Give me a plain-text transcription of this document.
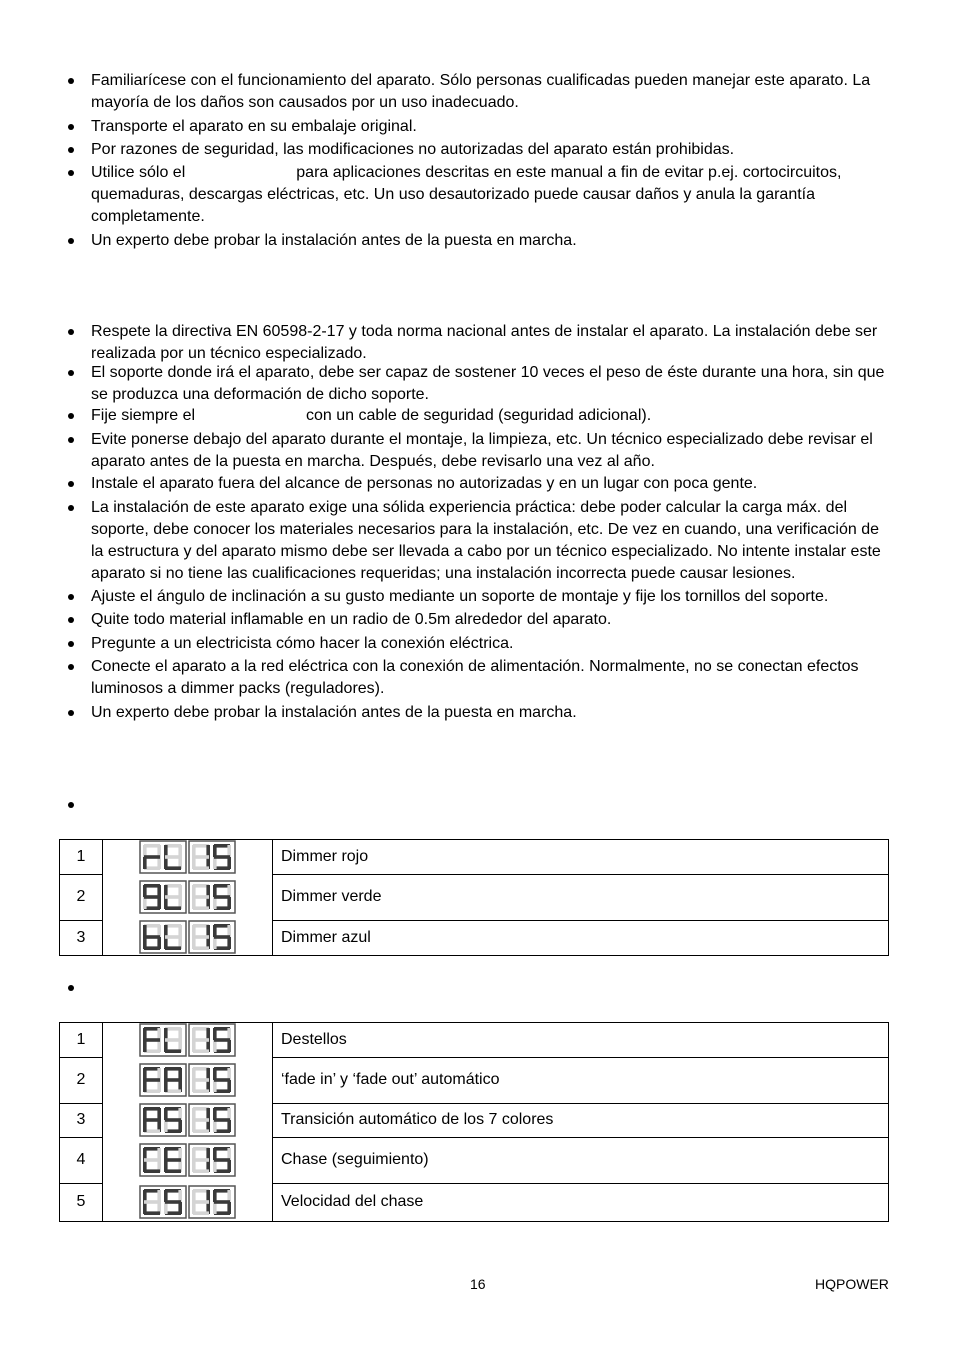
Familiarícese con el funcionamiento del aparato. Sólo personas cualificadas pueden manejar este aparato. La mayoría de los daños son causados por un uso inadecuado.
Transporte el aparato en su embalaje original.
Por razones de seguridad, las modificaciones no autorizadas del aparato están prohibidas.
Utilice sólo el	para aplicaciones descritas en este manual a fin de evitar p.ej. cortocircuitos, quemaduras, descargas eléctricas, etc. Un uso desautorizado puede causar daños y anula la garantía completamente.
Un experto debe probar la instalación antes de la puesta en marcha.
Respete la directiva EN 60598-2-17 y toda norma nacional antes de instalar el aparato. La instalación debe ser realizada por un técnico especializado.
El soporte donde irá el aparato, debe ser capaz de sostener 10 veces el peso de éste durante una hora, sin que se produzca una deformación de dicho soporte.
Fije siempre el	con un cable de seguridad (seguridad adicional).
Evite ponerse debajo del aparato durante el montaje, la limpieza, etc. Un técnico especializado debe revisar el aparato antes de la puesta en marcha. Después, debe revisarlo una vez al año.
Instale el aparato fuera del alcance de personas no autorizadas y en un lugar con poca gente.
La instalación de este aparato exige una sólida experiencia práctica: debe poder calcular la carga máx. del soporte, debe conocer los materiales necesarios para la instalación, etc. De vez en cuando, una verificación de la estructura y del aparato mismo debe ser llevada a cabo por un técnico especializado. No intente instalar este aparato si no tiene las cualificaciones requeridas; una instalación incorrecta puede causar lesiones.
Ajuste el ángulo de inclinación a su gusto mediante un soporte de montaje y fije los tornillos del soporte.
Quite todo material inflamable en un radio de 0.5m alrededor del aparato.
Pregunte a un electricista cómo hacer la conexión eléctrica.
Conecte el aparato a la red eléctrica con la conexión de alimentación. Normalmente, no se conectan efectos luminosos a dimmer packs (reguladores).
Un experto debe probar la instalación antes de la puesta en marcha.
1		Dimmer rojo
2		Dimmer verde
3		Dimmer azul
1		Destellos
2		‘fade in’ y ‘fade out’ automático
3		Transición automático de los 7 colores
4		Chase (seguimiento)
5		Velocidad del chase
16	HQPOWER
